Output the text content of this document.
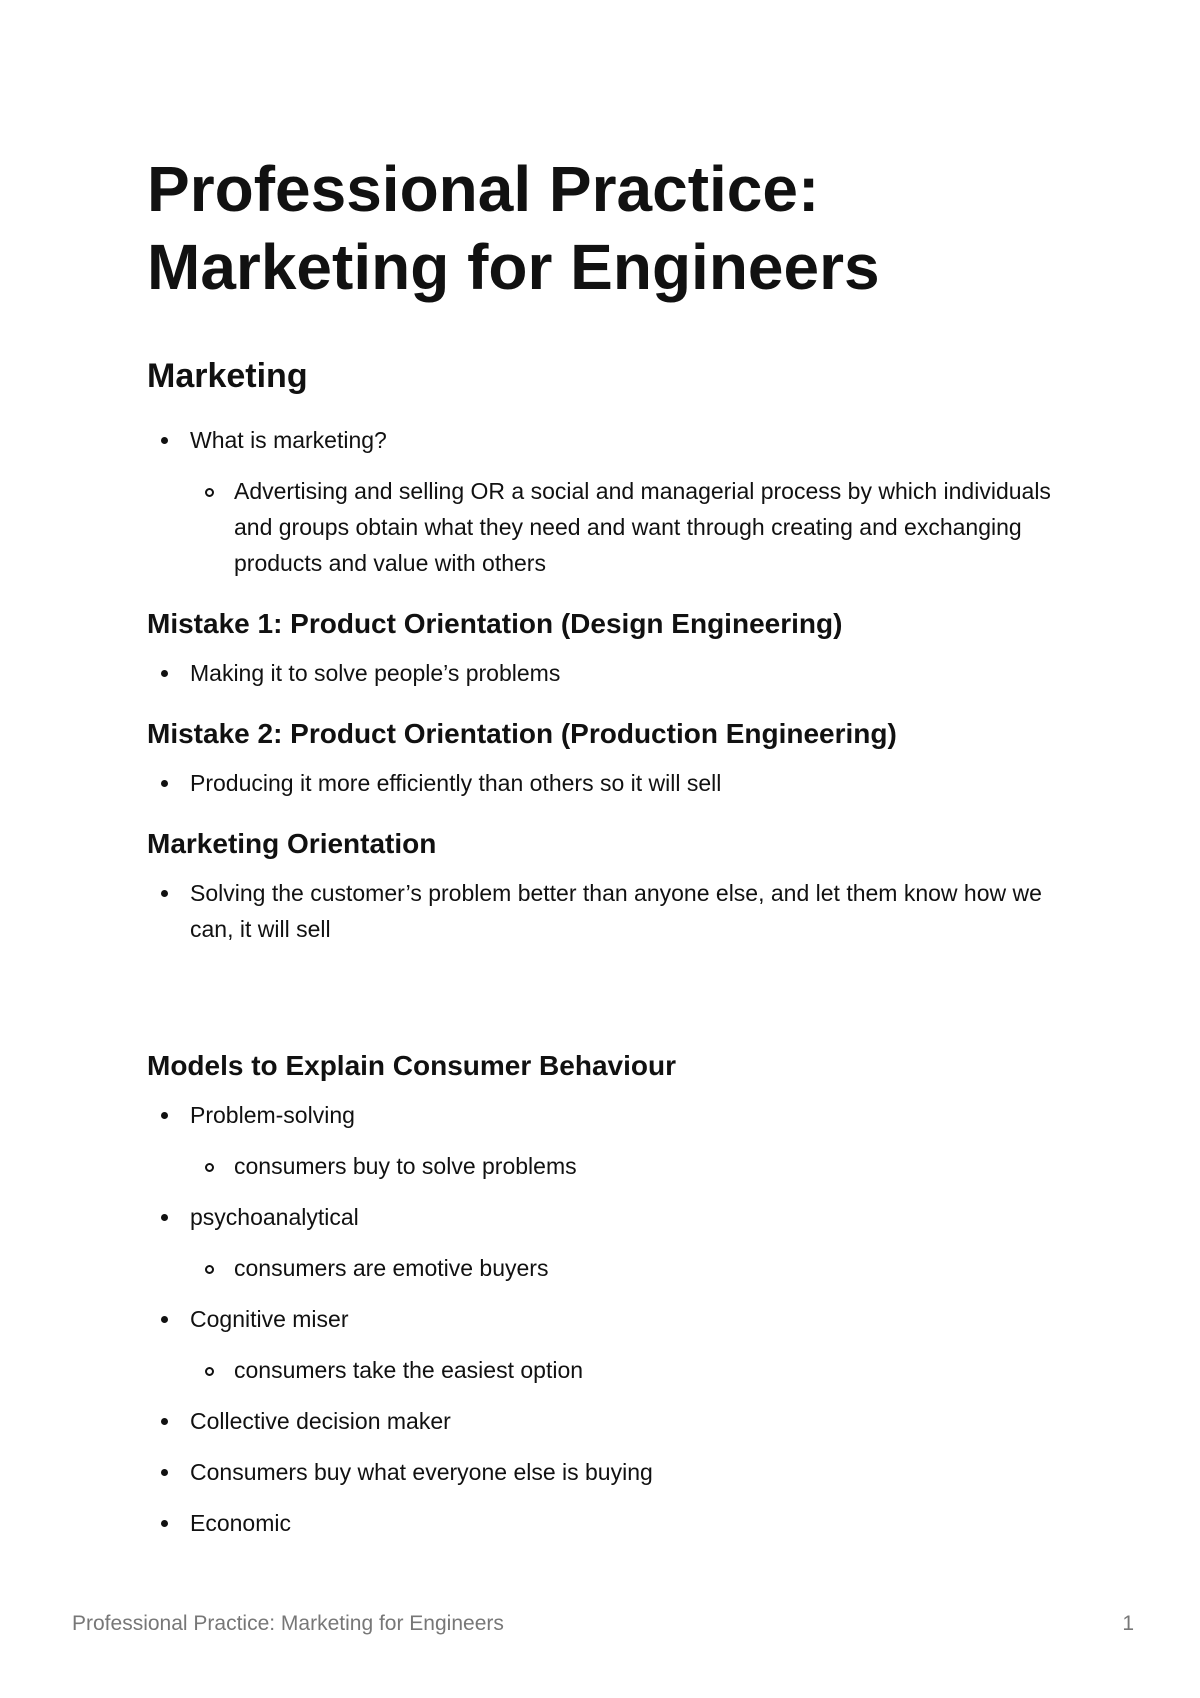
Professional Practice:
Marketing for Engineers
Marketing
What is marketing?
Advertising and selling OR a social and managerial process by which individuals and groups obtain what they need and want through creating and exchanging products and value with others
Mistake 1: Product Orientation (Design Engineering)
Making it to solve people’s problems
Mistake 2: Product Orientation (Production Engineering)
Producing it more efficiently than others so it will sell
Marketing Orientation
Solving the customer’s problem better than anyone else, and let them know how we can, it will sell
Models to Explain Consumer Behaviour
Problem-solving
consumers buy to solve problems
psychoanalytical
consumers are emotive buyers
Cognitive miser
consumers take the easiest option
Collective decision maker
Consumers buy what everyone else is buying
Economic
Professional Practice: Marketing for Engineers	1
